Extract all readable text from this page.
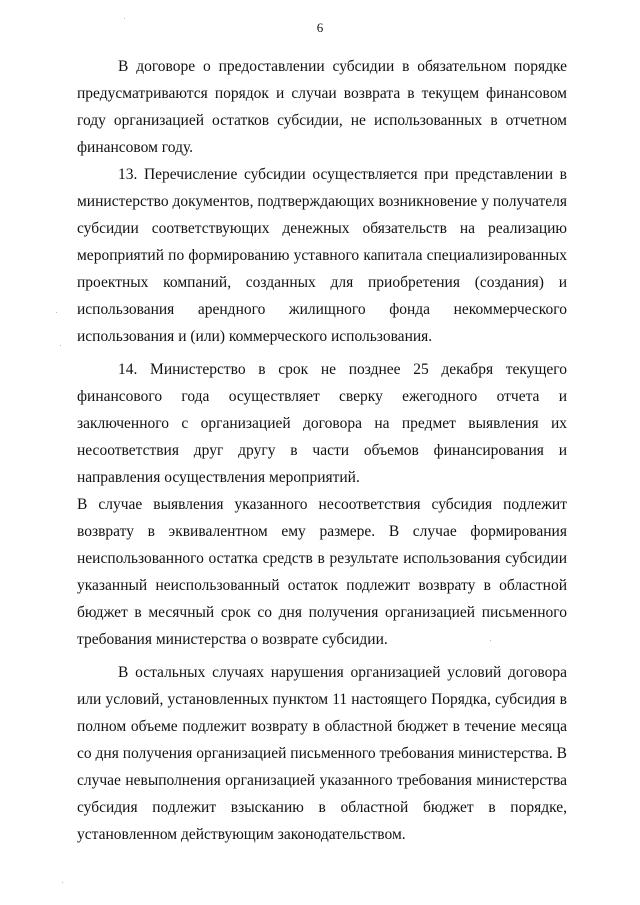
6

В договоре о предоставлении субсидии в обязательном порядке предусматриваются порядок и случаи возврата в текущем финансовом году организацией остатков субсидии, не использованных в отчетном финансовом году.

13. Перечисление субсидии осуществляется при представлении в министерство документов, подтверждающих возникновение у получателя субсидии соответствующих денежных обязательств на реализацию мероприятий по формированию уставного капитала специализированных проектных компаний, созданных для приобретения (создания) и использования арендного жилищного фонда некоммерческого использования и (или) коммерческого использования.

14. Министерство в срок не позднее 25 декабря текущего финансового года осуществляет сверку ежегодного отчета и заключенного с организацией договора на предмет выявления их несоответствия друг другу в части объемов финансирования и направления осуществления мероприятий.

В случае выявления указанного несоответствия субсидия подлежит возврату в эквивалентном ему размере. В случае формирования неиспользованного остатка средств в результате использования субсидии указанный неиспользованный остаток подлежит возврату в областной бюджет в месячный срок со дня получения организацией письменного требования министерства о возврате субсидии.

В остальных случаях нарушения организацией условий договора или условий, установленных пунктом 11 настоящего Порядка, субсидия в полном объеме подлежит возврату в областной бюджет в течение месяца со дня получения организацией письменного требования министерства. В случае невыполнения организацией указанного требования министерства субсидия подлежит взысканию в областной бюджет в порядке, установленном действующим законодательством.
